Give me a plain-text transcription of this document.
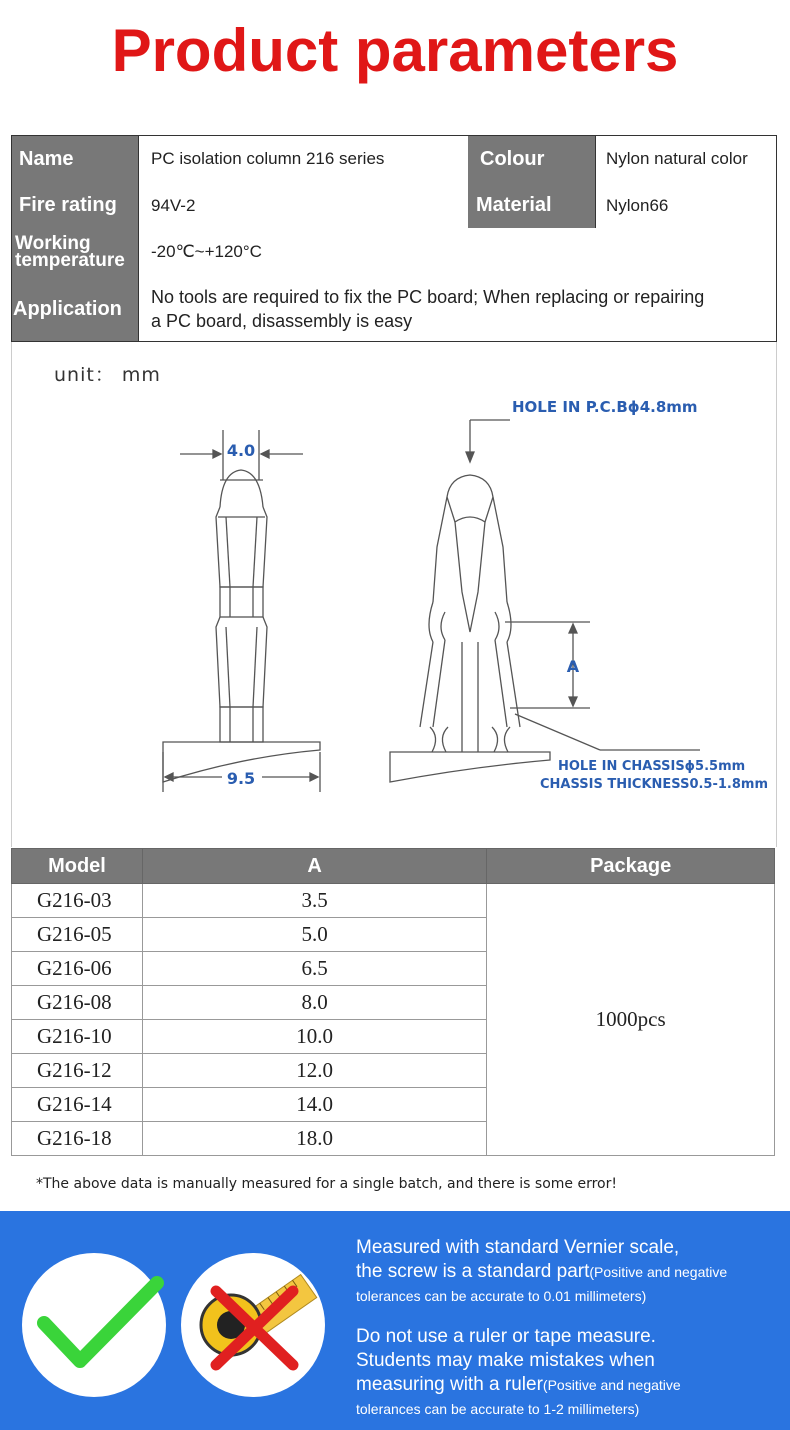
Product parameters
Name	PC isolation column 216 series	Colour	Nylon natural color
Fire rating	94V-2	Material	Nylon66
Working
temperature	-20℃~+120°C
Application
No tools are required to fix the PC board; When replacing or repairing
a PC board, disassembly is easy
unit： mm
4.0
9.5
HOLE IN P.C.Bϕ4.8mm
A
HOLE IN CHASSISϕ5.5mm
CHASSIS THICKNESS0.5-1.8mm
Model	A	Package
G216-03	3.5	1000pcs
G216-05	5.0	
G216-06	6.5	
G216-08	8.0	
G216-10	10.0	
G216-12	12.0	
G216-14	14.0	
G216-18	18.0	
*The above data is manually measured for a single batch, and there is some error!
Measured with standard Vernier scale,
the screw is a standard part(Positive and negative
tolerances can be accurate to 0.01 millimeters)
Do not use a ruler or tape measure.
Students may make mistakes when
measuring with a ruler(Positive and negative
tolerances can be accurate to 1-2 millimeters)
